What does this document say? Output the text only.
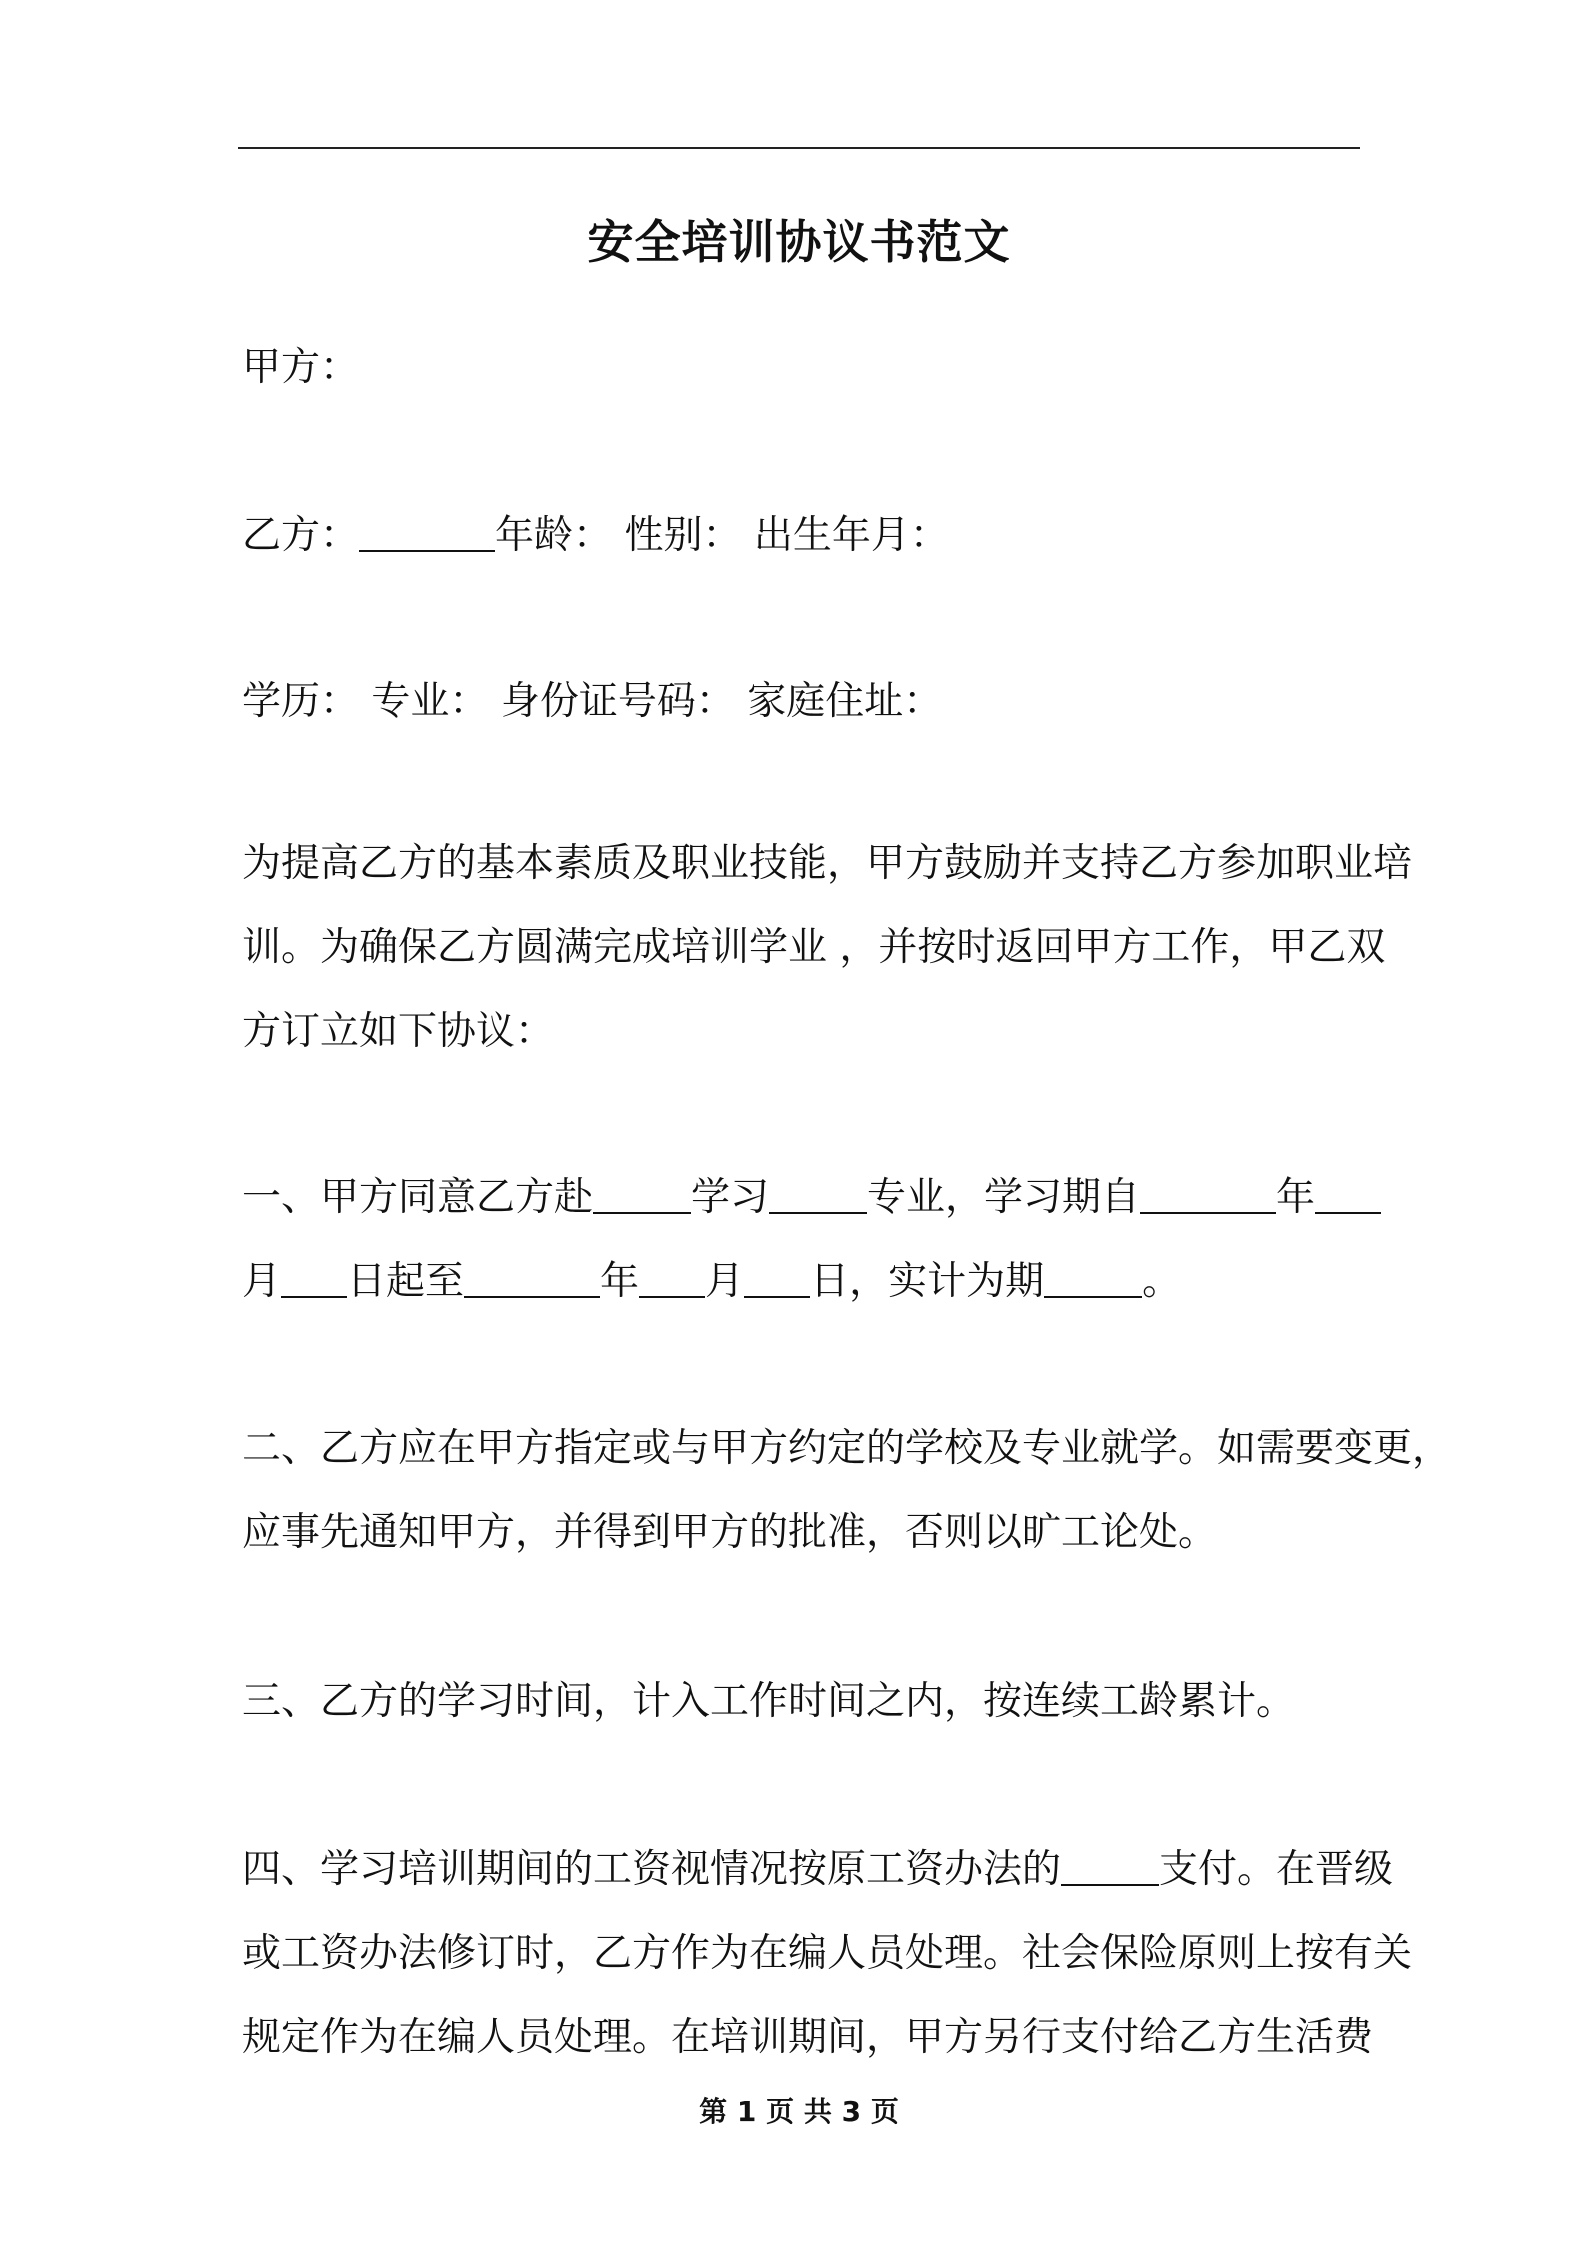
安全培训协议书范文
甲方：
乙方：	年龄： 性别： 出生年月：
学历： 专业： 身份证号码： 家庭住址：
为提高乙方的基本素质及职业技能，甲方鼓励并支持乙方参加职业培
训。为确保乙方圆满完成培训学业 ，并按时返回甲方工作，甲乙双
方订立如下协议：
一、甲方同意乙方赴	学习	专业，学习期自	年
月 日起至	年 月 日，实计为期	。
二、乙方应在甲方指定或与甲方约定的学校及专业就学。如需要变更，
应事先通知甲方，并得到甲方的批准，否则以旷工论处。
三、乙方的学习时间，计入工作时间之内，按连续工龄累计。
四、学习培训期间的工资视情况按原工资办法的	支付。在晋级
或工资办法修订时，乙方作为在编人员处理。社会保险原则上按有关
规定作为在编人员处理。在培训期间，甲方另行支付给乙方生活费
第 1 页 共 3 页
